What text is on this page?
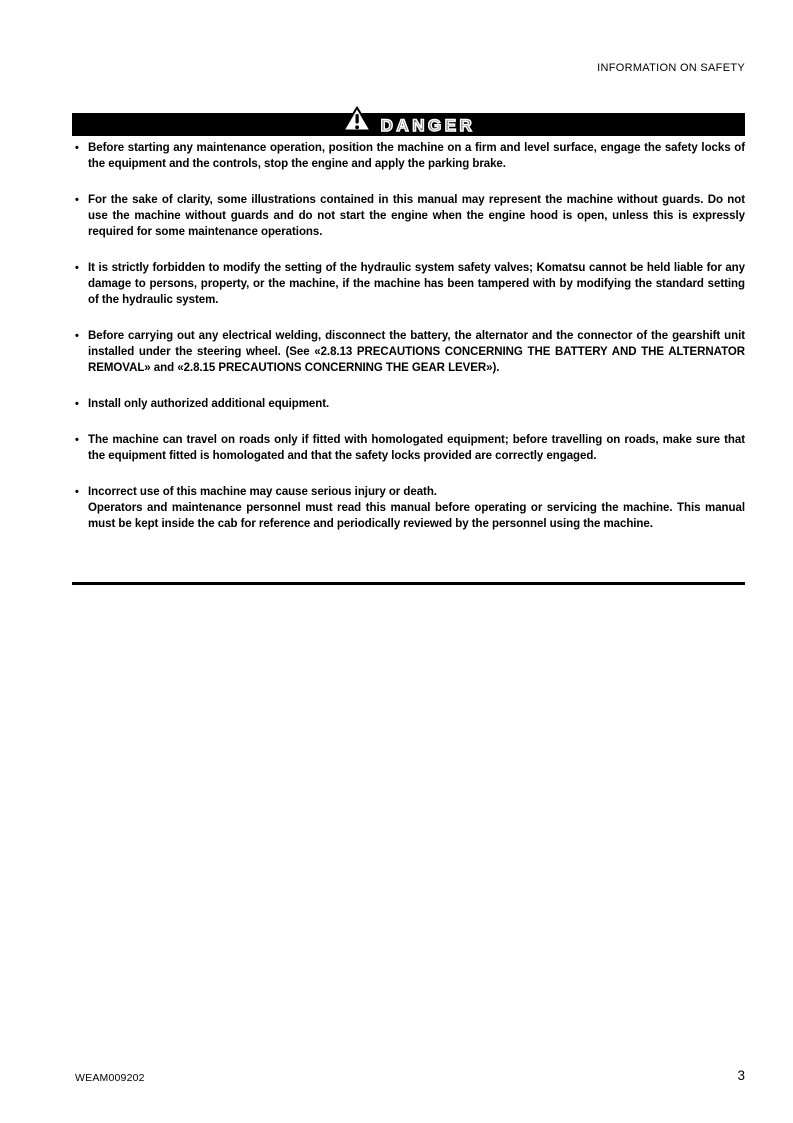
INFORMATION ON SAFETY
DANGER
• Before starting any maintenance operation, position the machine on a firm and level surface, engage the safety locks of the equipment and the controls, stop the engine and apply the parking brake.
• For the sake of clarity, some illustrations contained in this manual may represent the machine without guards. Do not use the machine without guards and do not start the engine when the engine hood is open, unless this is expressly required for some maintenance operations.
• It is strictly forbidden to modify the setting of the hydraulic system safety valves; Komatsu cannot be held liable for any damage to persons, property, or the machine, if the machine has been tampered with by modifying the standard setting of the hydraulic system.
• Before carrying out any electrical welding, disconnect the battery, the alternator and the connector of the gearshift unit installed under the steering wheel. (See «2.8.13 PRECAUTIONS CONCERNING THE BATTERY AND THE ALTERNATOR REMOVAL» and «2.8.15 PRECAUTIONS CONCERNING THE GEAR LEVER»).
• Install only authorized additional equipment.
• The machine can travel on roads only if fitted with homologated equipment; before travelling on roads, make sure that the equipment fitted is homologated and that the safety locks provided are correctly engaged.
• Incorrect use of this machine may cause serious injury or death.
Operators and maintenance personnel must read this manual before operating or servicing the machine. This manual must be kept inside the cab for reference and periodically reviewed by the personnel using the machine.
WEAM009202	3
